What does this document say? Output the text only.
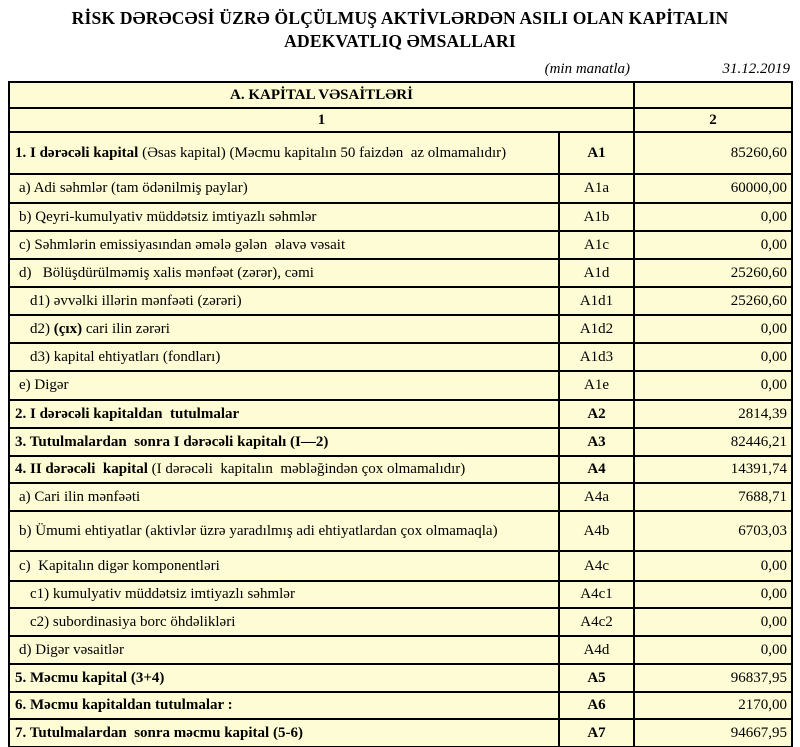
RİSK DƏRƏCƏSİ ÜZRƏ ÖLÇÜLMUŞ AKTİVLƏRDƏN ASILI OLAN KAPİTALIN
ADEKVATLIQ ƏMSALLARI
(min manatla)	31.12.2019
A. KAPİTAL VƏSAİTLƏRİ		
1		2
1. I dərəcəli kapital (Əsas kapital) (Məcmu kapitalın 50 faizdən  az olmamalıdır)	A1	85260,60
a) Adi səhmlər (tam ödənilmiş paylar)	A1a	60000,00
b) Qeyri-kumulyativ müddətsiz imtiyazlı səhmlər	A1b	0,00
c) Səhmlərin emissiyasından əmələ gələn  əlavə vəsait	A1c	0,00
d)   Bölüşdürülməmiş xalis mənfəət (zərər), cəmi	A1d	25260,60
d1) əvvəlki illərin mənfəəti (zərəri)	A1d1	25260,60
d2) (çıx) cari ilin zərəri	A1d2	0,00
d3) kapital ehtiyatları (fondları)	A1d3	0,00
e) Digər	A1e	0,00
2. I dərəcəli kapitaldan  tutulmalar	A2	2814,39
3. Tutulmalardan  sonra I dərəcəli kapitalı (I—2)	A3	82446,21
4. II dərəcəli  kapital (I dərəcəli  kapitalın  məbləğindən çox olmamalıdır)	A4	14391,74
a) Cari ilin mənfəəti	A4a	7688,71
b) Ümumi ehtiyatlar (aktivlər üzrə yaradılmış adi ehtiyatlardan çox olmamaqla)	A4b	6703,03
c)  Kapitalın digər komponentləri	A4c	0,00
c1) kumulyativ müddətsiz imtiyazlı səhmlər	A4c1	0,00
c2) subordinasiya borc öhdəlikləri	A4c2	0,00
d) Digər vəsaitlər	A4d	0,00
5. Məcmu kapital (3+4)	A5	96837,95
6. Məcmu kapitaldan tutulmalar :	A6	2170,00
7. Tutulmalardan  sonra məcmu kapital (5-6)	A7	94667,95
